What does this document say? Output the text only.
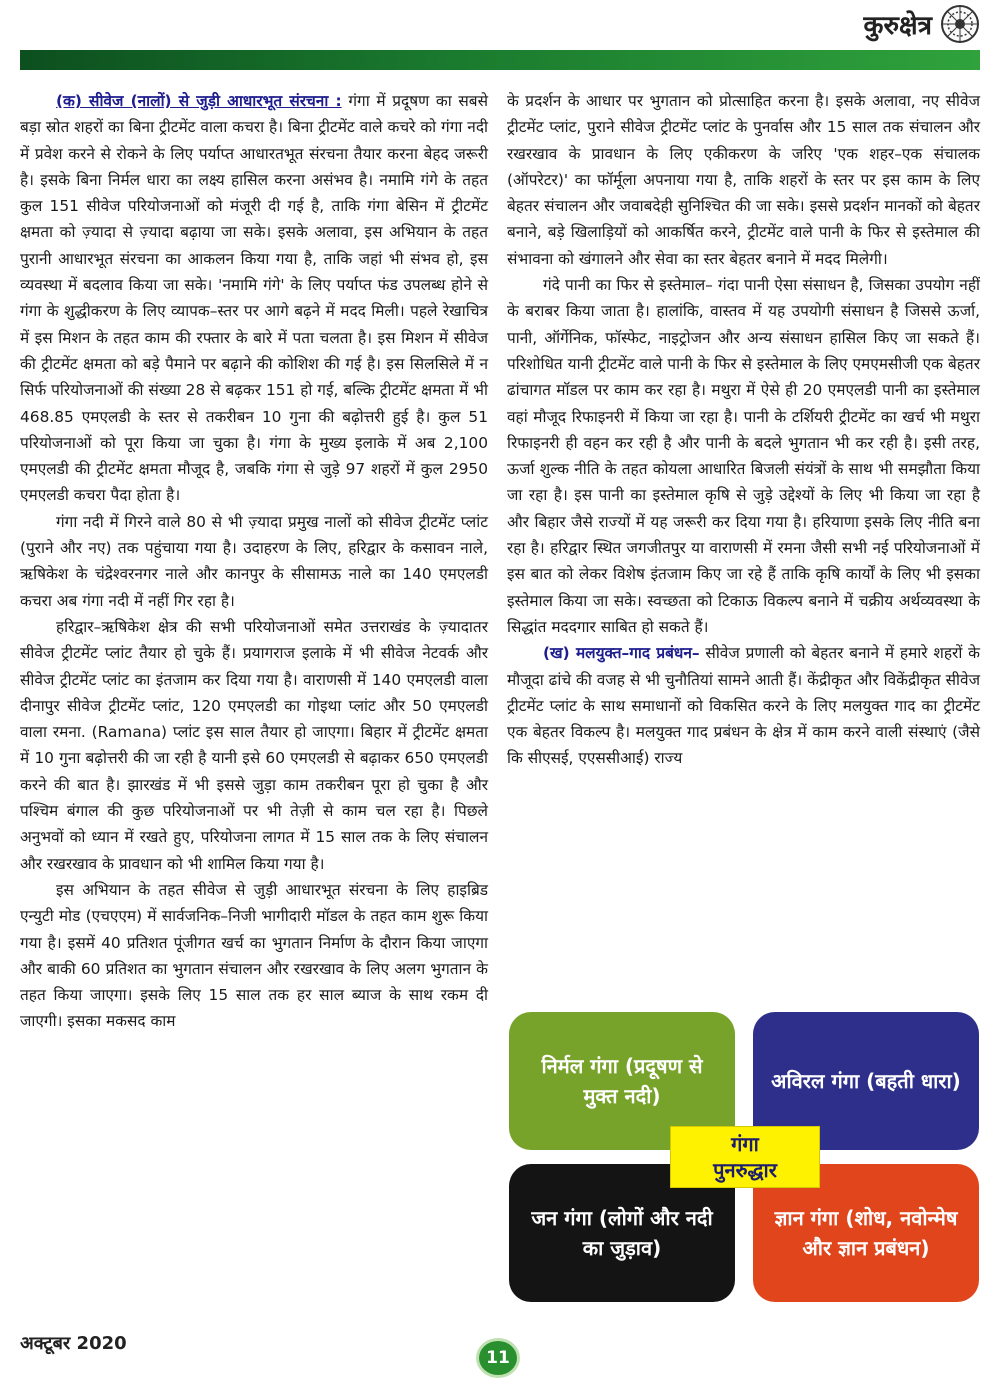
कुरुक्षेत्र

(क) सीवेज (नालों) से जुड़ी आधारभूत संरचना : गंगा में प्रदूषण का सबसे बड़ा स्रोत शहरों का बिना ट्रीटमेंट वाला कचरा है। बिना ट्रीटमेंट वाले कचरे को गंगा नदी में प्रवेश करने से रोकने के लिए पर्याप्त आधारतभूत संरचना तैयार करना बेहद जरूरी है। इसके बिना निर्मल धारा का लक्ष्य हासिल करना असंभव है। नमामि गंगे के तहत कुल 151 सीवेज परियोजनाओं को मंजूरी दी गई है, ताकि गंगा बेसिन में ट्रीटमेंट क्षमता को ज़्यादा से ज़्यादा बढ़ाया जा सके। इसके अलावा, इस अभियान के तहत पुरानी आधारभूत संरचना का आकलन किया गया है, ताकि जहां भी संभव हो, इस व्यवस्था में बदलाव किया जा सके। 'नमामि गंगे' के लिए पर्याप्त फंड उपलब्ध होने से गंगा के शुद्धीकरण के लिए व्यापक–स्तर पर आगे बढ़ने में मदद मिली। पहले रेखाचित्र में इस मिशन के तहत काम की रफ्तार के बारे में पता चलता है। इस मिशन में सीवेज की ट्रीटमेंट क्षमता को बड़े पैमाने पर बढ़ाने की कोशिश की गई है। इस सिलसिले में न सिर्फ परियोजनाओं की संख्या 28 से बढ़कर 151 हो गई, बल्कि ट्रीटमेंट क्षमता में भी 468.85 एमएलडी के स्तर से तकरीबन 10 गुना की बढ़ोत्तरी हुई है। कुल 51 परियोजनाओं को पूरा किया जा चुका है। गंगा के मुख्य इलाके में अब 2,100 एमएलडी की ट्रीटमेंट क्षमता मौजूद है, जबकि गंगा से जुड़े 97 शहरों में कुल 2950 एमएलडी कचरा पैदा होता है।

गंगा नदी में गिरने वाले 80 से भी ज़्यादा प्रमुख नालों को सीवेज ट्रीटमेंट प्लांट (पुराने और नए) तक पहुंचाया गया है। उदाहरण के लिए, हरिद्वार के कसावन नाले, ऋषिकेश के चंद्रेश्वरनगर नाले और कानपुर के सीसामऊ नाले का 140 एमएलडी कचरा अब गंगा नदी में नहीं गिर रहा है।

हरिद्वार–ऋषिकेश क्षेत्र की सभी परियोजनाओं समेत उत्तराखंड के ज़्यादातर सीवेज ट्रीटमेंट प्लांट तैयार हो चुके हैं। प्रयागराज इलाके में भी सीवेज नेटवर्क और सीवेज ट्रीटमेंट प्लांट का इंतजाम कर दिया गया है। वाराणसी में 140 एमएलडी वाला दीनापुर सीवेज ट्रीटमेंट प्लांट, 120 एमएलडी का गोइथा प्लांट और 50 एमएलडी वाला रमना. (Ramana) प्लांट इस साल तैयार हो जाएगा। बिहार में ट्रीटमेंट क्षमता में 10 गुना बढ़ोत्तरी की जा रही है यानी इसे 60 एमएलडी से बढ़ाकर 650 एमएलडी करने की बात है। झारखंड में भी इससे जुड़ा काम तकरीबन पूरा हो चुका है और पश्चिम बंगाल की कुछ परियोजनाओं पर भी तेज़ी से काम चल रहा है। पिछले अनुभवों को ध्यान में रखते हुए, परियोजना लागत में 15 साल तक के लिए संचालन और रखरखाव के प्रावधान को भी शामिल किया गया है।

इस अभियान के तहत सीवेज से जुड़ी आधारभूत संरचना के लिए हाइब्रिड एन्युटी मोड (एचएएम) में सार्वजनिक–निजी भागीदारी मॉडल के तहत काम शुरू किया गया है। इसमें 40 प्रतिशत पूंजीगत खर्च का भुगतान निर्माण के दौरान किया जाएगा और बाकी 60 प्रतिशत का भुगतान संचालन और रखरखाव के लिए अलग भुगतान के तहत किया जाएगा। इसके लिए 15 साल तक हर साल ब्याज के साथ रकम दी जाएगी। इसका मकसद काम

के प्रदर्शन के आधार पर भुगतान को प्रोत्साहित करना है। इसके अलावा, नए सीवेज ट्रीटमेंट प्लांट, पुराने सीवेज ट्रीटमेंट प्लांट के पुनर्वास और 15 साल तक संचालन और रखरखाव के प्रावधान के लिए एकीकरण के जरिए 'एक शहर–एक संचालक (ऑपरेटर)' का फॉर्मूला अपनाया गया है, ताकि शहरों के स्तर पर इस काम के लिए बेहतर संचालन और जवाबदेही सुनिश्चित की जा सके। इससे प्रदर्शन मानकों को बेहतर बनाने, बड़े खिलाड़ियों को आकर्षित करने, ट्रीटमेंट वाले पानी के फिर से इस्तेमाल की संभावना को खंगालने और सेवा का स्तर बेहतर बनाने में मदद मिलेगी।

गंदे पानी का फिर से इस्तेमाल– गंदा पानी ऐसा संसाधन है, जिसका उपयोग नहीं के बराबर किया जाता है। हालांकि, वास्तव में यह उपयोगी संसाधन है जिससे ऊर्जा, पानी, ऑर्गेनिक, फॉस्फेट, नाइट्रोजन और अन्य संसाधन हासिल किए जा सकते हैं। परिशोधित यानी ट्रीटमेंट वाले पानी के फिर से इस्तेमाल के लिए एमएमसीजी एक बेहतर ढांचागत मॉडल पर काम कर रहा है। मथुरा में ऐसे ही 20 एमएलडी पानी का इस्तेमाल वहां मौजूद रिफाइनरी में किया जा रहा है। पानी के टर्शियरी ट्रीटमेंट का खर्च भी मथुरा रिफाइनरी ही वहन कर रही है और पानी के बदले भुगतान भी कर रही है। इसी तरह, ऊर्जा शुल्क नीति के तहत कोयला आधारित बिजली संयंत्रों के साथ भी समझौता किया जा रहा है। इस पानी का इस्तेमाल कृषि से जुड़े उद्देश्यों के लिए भी किया जा रहा है और बिहार जैसे राज्यों में यह जरूरी कर दिया गया है। हरियाणा इसके लिए नीति बना रहा है। हरिद्वार स्थित जगजीतपुर या वाराणसी में रमना जैसी सभी नई परियोजनाओं में इस बात को लेकर विशेष इंतजाम किए जा रहे हैं ताकि कृषि कार्यों के लिए भी इसका इस्तेमाल किया जा सके। स्वच्छता को टिकाऊ विकल्प बनाने में चक्रीय अर्थव्यवस्था के सिद्धांत मददगार साबित हो सकते हैं।

(ख) मलयुक्त–गाद प्रबंधन– सीवेज प्रणाली को बेहतर बनाने में हमारे शहरों के मौजूदा ढांचे की वजह से भी चुनौतियां सामने आती हैं। केंद्रीकृत और विकेंद्रीकृत सीवेज ट्रीटमेंट प्लांट के साथ समाधानों को विकसित करने के लिए मलयुक्त गाद का ट्रीटमेंट एक बेहतर विकल्प है। मलयुक्त गाद प्रबंधन के क्षेत्र में काम करने वाली संस्थाएं (जैसे कि सीएसई, एएससीआई) राज्य

निर्मल गंगा (प्रदूषण से मुक्त नदी)
अविरल गंगा (बहती धारा)
जन गंगा (लोगों और नदी का जुड़ाव)
ज्ञान गंगा (शोध, नवोन्मेष और ज्ञान प्रबंधन)
गंगा
पुनरुद्धार
अक्टूबर 2020
11
